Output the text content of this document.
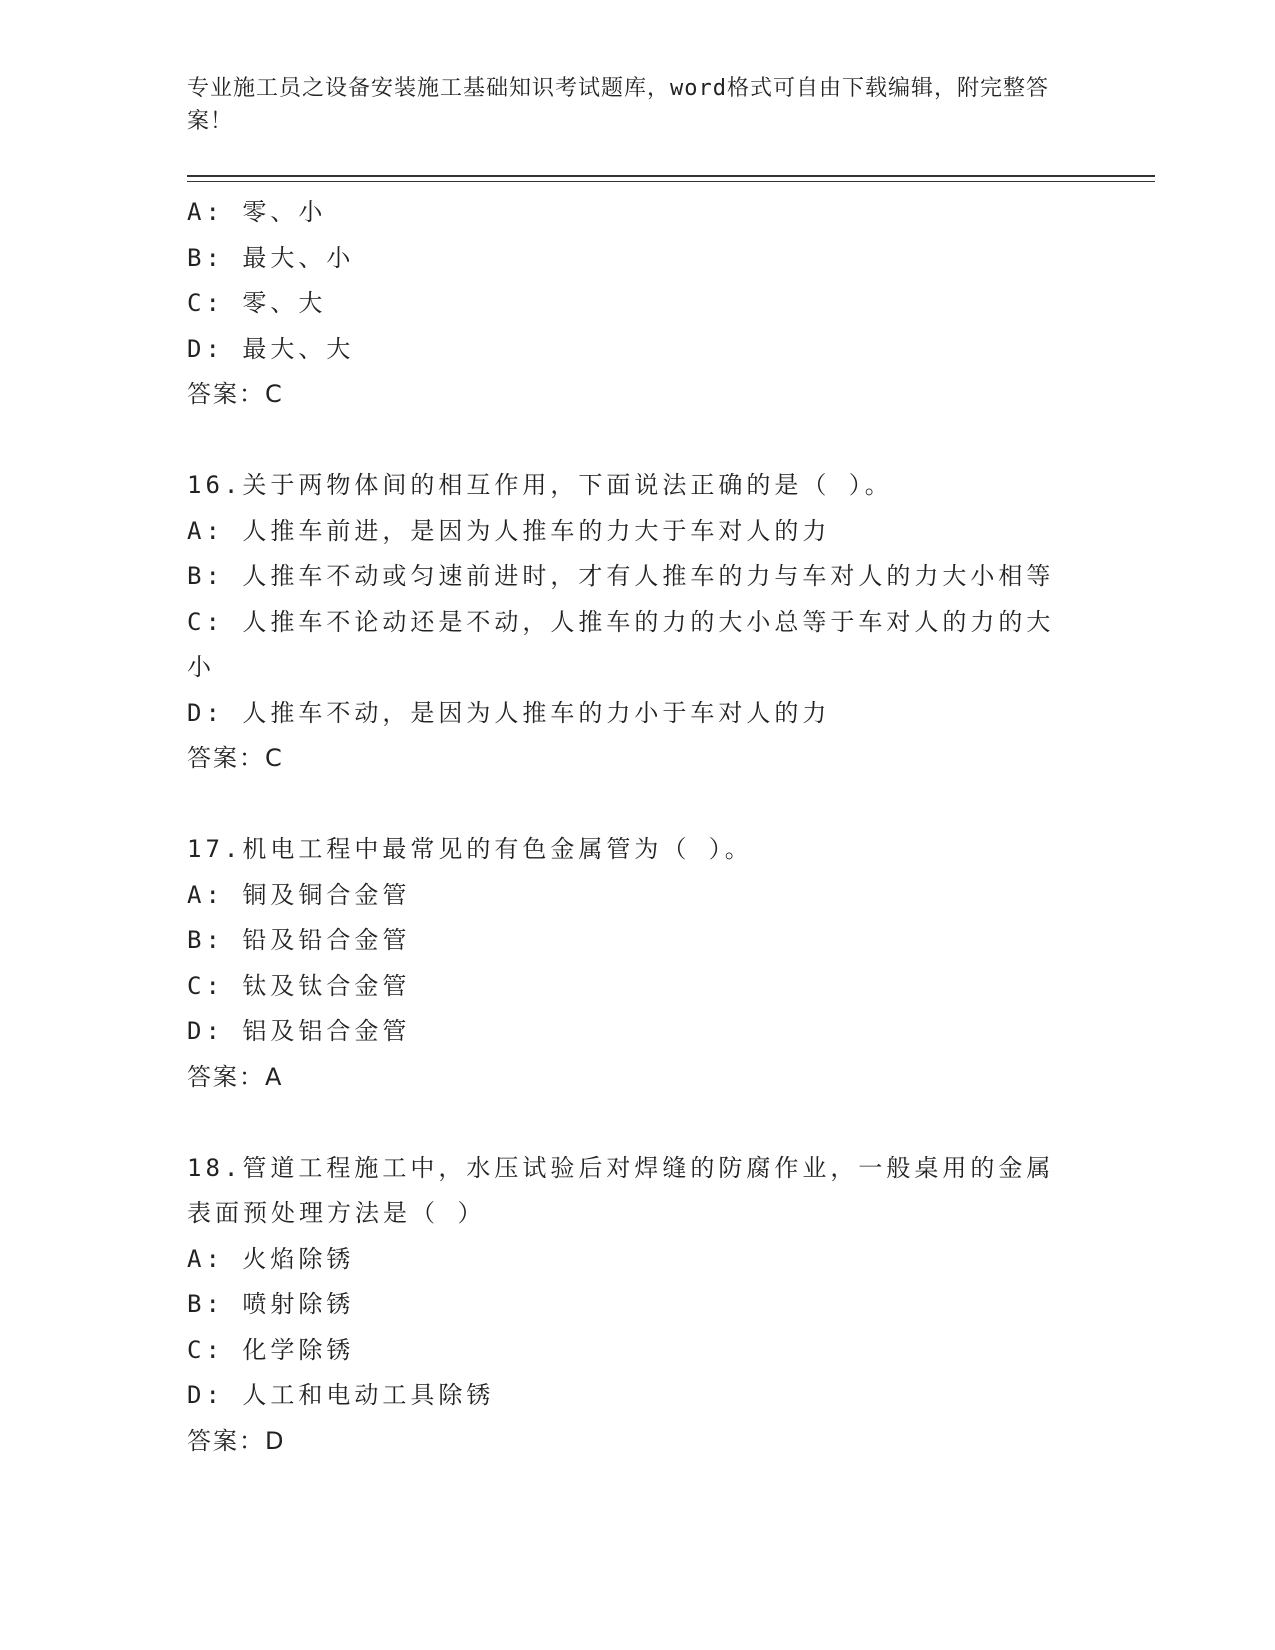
专业施工员之设备安装施工基础知识考试题库，word格式可自由下载编辑，附完整答案！
A: 零、小
B: 最大、小
C: 零、大
D: 最大、大
答案：C
16.关于两物体间的相互作用，下面说法正确的是（ ）。
A: 人推车前进，是因为人推车的力大于车对人的力
B: 人推车不动或匀速前进时，才有人推车的力与车对人的力大小相等
C: 人推车不论动还是不动，人推车的力的大小总等于车对人的力的大小
D: 人推车不动，是因为人推车的力小于车对人的力
答案：C
17.机电工程中最常见的有色金属管为（ ）。
A: 铜及铜合金管
B: 铅及铅合金管
C: 钛及钛合金管
D: 铝及铝合金管
答案：A
18.管道工程施工中，水压试验后对焊缝的防腐作业，一般桌用的金属表面预处理方法是（ ）
A: 火焰除锈
B: 喷射除锈
C: 化学除锈
D: 人工和电动工具除锈
答案：D
